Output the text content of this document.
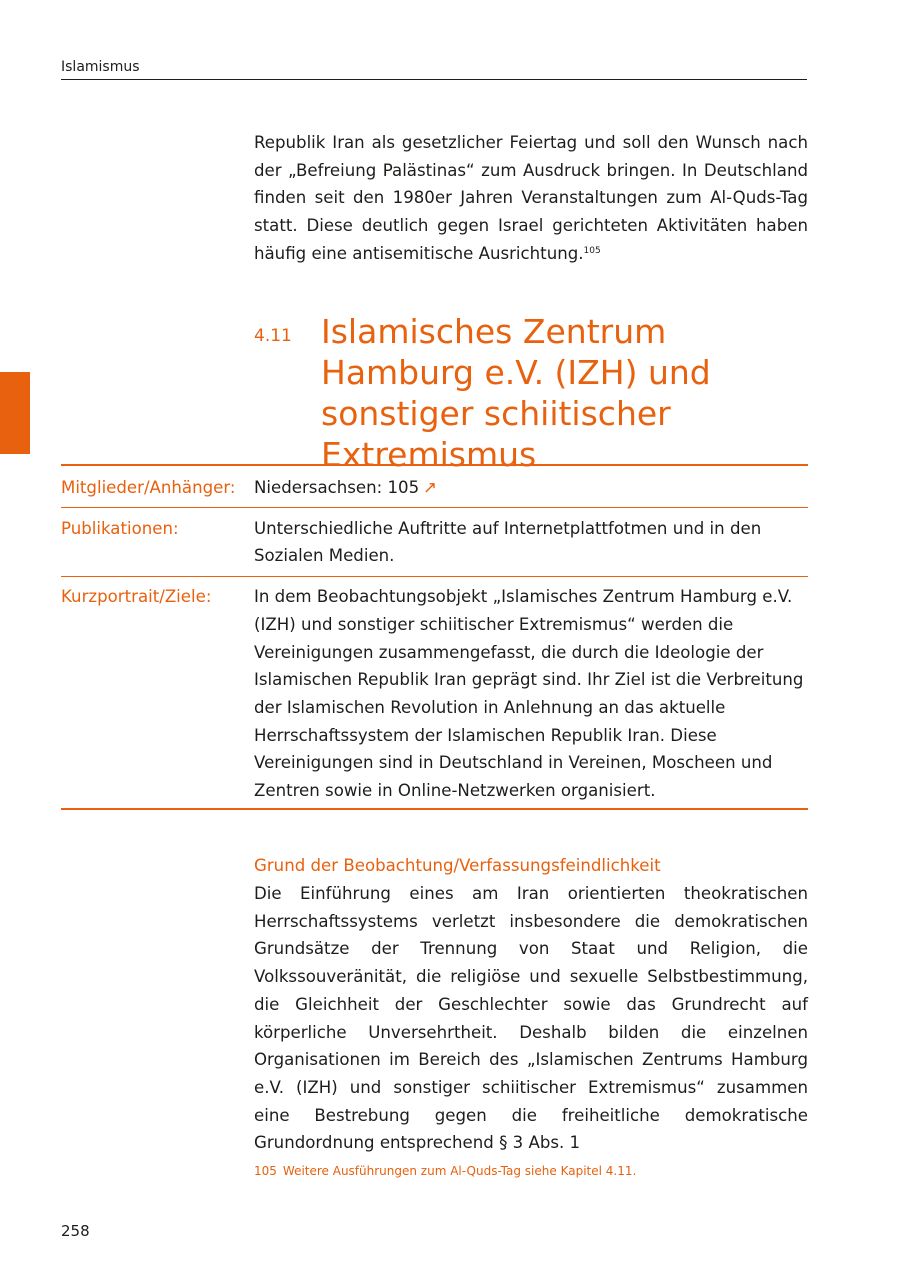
Islamismus

Republik Iran als gesetzlicher Feiertag und soll den Wunsch nach der „Befreiung Palästinas“ zum Ausdruck bringen. In Deutschland finden seit den 1980er Jahren Veranstaltungen zum Al-Quds-Tag statt. Diese deutlich gegen Israel gerichteten Aktivitäten haben häufig eine antisemitische Ausrichtung.$^{105}$

4.11 Islamisches Zentrum Hamburg e.V. (IZH) und sonstiger schiitischer Extremismus
Mitglieder/Anhänger:	Niedersachsen: 105 ↗
Publikationen:	Unterschiedliche Auftritte auf Internetplattfotmen und in den Sozialen Medien.
Kurzportrait/Ziele:	In dem Beobachtungsobjekt „Islamisches Zentrum Hamburg e.V. (IZH) und sonstiger schiitischer Extremismus“ werden die Vereinigungen zusammengefasst, die durch die Ideologie der Islamischen Republik Iran geprägt sind. Ihr Ziel ist die Verbreitung der Islamischen Revolution in Anlehnung an das aktuelle Herrschaftssystem der Islamischen Republik Iran. Diese Vereinigungen sind in Deutschland in Vereinen, Moscheen und Zentren sowie in Online-Netzwerken organisiert.
Grund der Beobachtung/Verfassungsfeindlichkeit

Die Einführung eines am Iran orientierten theokratischen Herrschaftssystems verletzt insbesondere die demokratischen Grundsätze der Trennung von Staat und Religion, die Volkssouveränität, die religiöse und sexuelle Selbstbestimmung, die Gleichheit der Geschlechter sowie das Grundrecht auf körperliche Unversehrtheit. Deshalb bilden die einzelnen Organisationen im Bereich des „Islamischen Zentrums Hamburg e.V. (IZH) und sonstiger schiitischer Extremismus“ zusammen eine Bestrebung gegen die freiheitliche demokratische Grundordnung entsprechend § 3 Abs. 1

105 Weitere Ausführungen zum Al-Quds-Tag siehe Kapitel 4.11.
258
